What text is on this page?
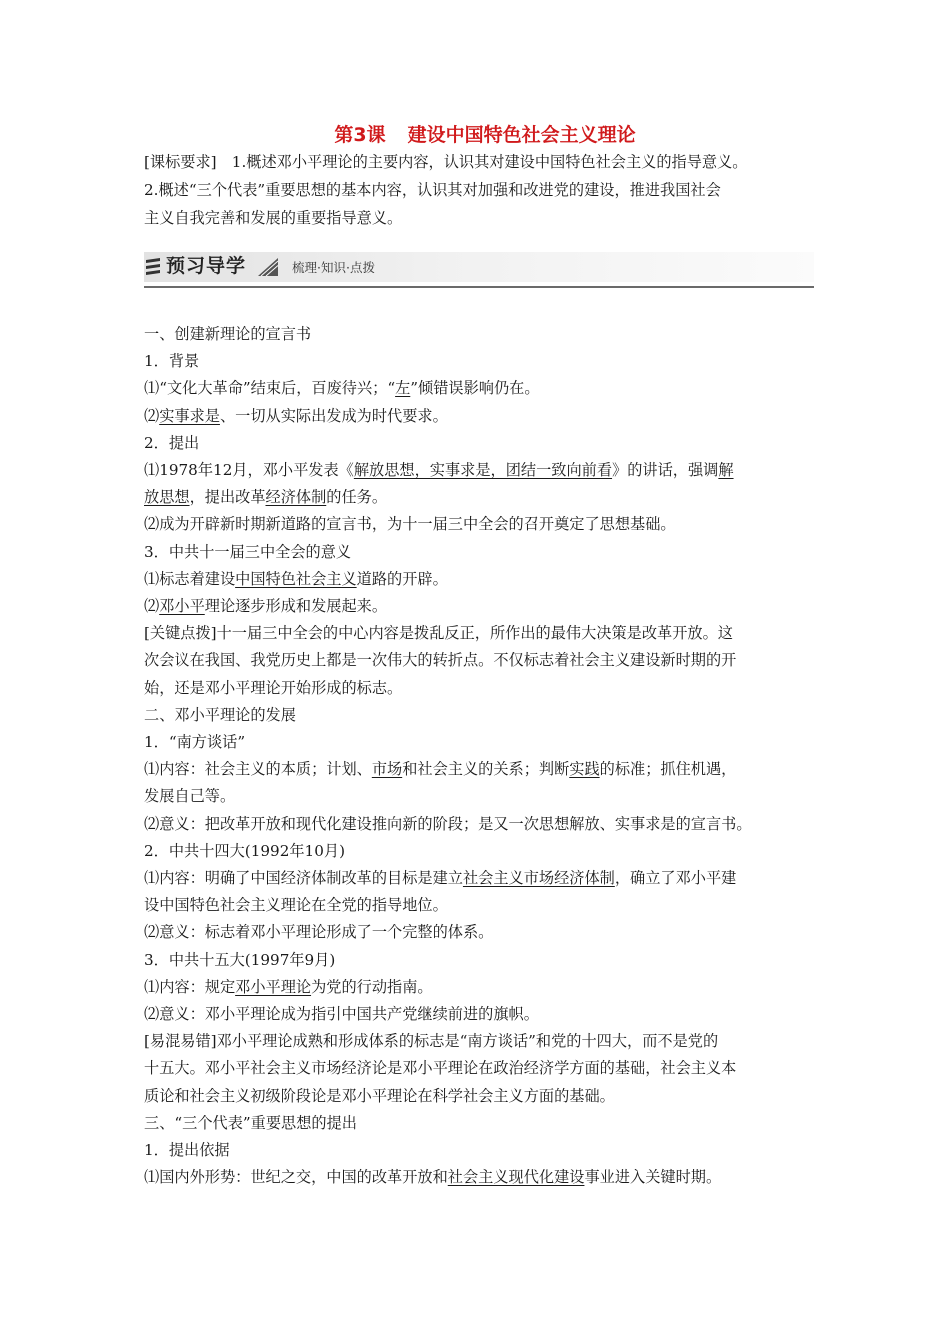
第3课 建设中国特色社会主义理论

[课标要求]　1.概述邓小平理论的主要内容，认识其对建设中国特色社会主义的指导意义。

2.概述“三个代表”重要思想的基本内容，认识其对加强和改进党的建设，推进我国社会

主义自我完善和发展的重要指导意义。

预习导学	梳理·知识·点拨

一、创建新理论的宣言书

1．背景

⑴“文化大革命”结束后，百废待兴；“左”倾错误影响仍在。

⑵实事求是、一切从实际出发成为时代要求。

2．提出

⑴1978年12月，邓小平发表《解放思想，实事求是，团结一致向前看》的讲话，强调解

放思想，提出改革经济体制的任务。

⑵成为开辟新时期新道路的宣言书，为十一届三中全会的召开奠定了思想基础。

3．中共十一届三中全会的意义

⑴标志着建设中国特色社会主义道路的开辟。

⑵邓小平理论逐步形成和发展起来。

[关键点拨]十一届三中全会的中心内容是拨乱反正，所作出的最伟大决策是改革开放。这

次会议在我国、我党历史上都是一次伟大的转折点。不仅标志着社会主义建设新时期的开

始，还是邓小平理论开始形成的标志。

二、邓小平理论的发展

1．“南方谈话”

⑴内容：社会主义的本质；计划、市场和社会主义的关系；判断实践的标准；抓住机遇，

发展自己等。

⑵意义：把改革开放和现代化建设推向新的阶段；是又一次思想解放、实事求是的宣言书。

2．中共十四大(1992年10月)

⑴内容：明确了中国经济体制改革的目标是建立社会主义市场经济体制，确立了邓小平建

设中国特色社会主义理论在全党的指导地位。

⑵意义：标志着邓小平理论形成了一个完整的体系。

3．中共十五大(1997年9月)

⑴内容：规定邓小平理论为党的行动指南。

⑵意义：邓小平理论成为指引中国共产党继续前进的旗帜。

[易混易错]邓小平理论成熟和形成体系的标志是“南方谈话”和党的十四大，而不是党的

十五大。邓小平社会主义市场经济论是邓小平理论在政治经济学方面的基础，社会主义本

质论和社会主义初级阶段论是邓小平理论在科学社会主义方面的基础。

三、“三个代表”重要思想的提出

1．提出依据

⑴国内外形势：世纪之交，中国的改革开放和社会主义现代化建设事业进入关键时期。
